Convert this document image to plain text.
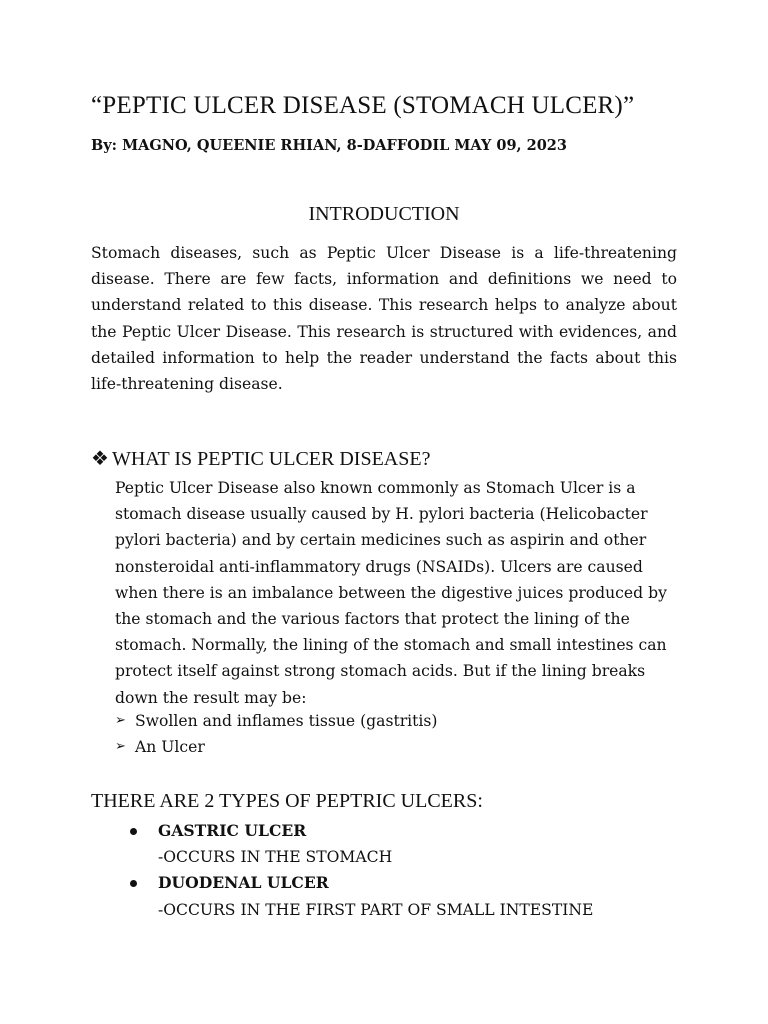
“PEPTIC ULCER DISEASE (STOMACH ULCER)”
By: MAGNO, QUEENIE RHIAN, 8-DAFFODIL MAY 09, 2023
INTRODUCTION

Stomach diseases, such as Peptic Ulcer Disease is a life-threatening disease. There are few facts, information and definitions we need to understand related to this disease. This research helps to analyze about the Peptic Ulcer Disease. This research is structured with evidences, and detailed information to help the reader understand the facts about this life-threatening disease.

❖ WHAT IS PEPTIC ULCER DISEASE?

Peptic Ulcer Disease also known commonly as Stomach Ulcer is a stomach disease usually caused by H. pylori bacteria (Helicobacter pylori bacteria) and by certain medicines such as aspirin and other nonsteroidal anti-inflammatory drugs (NSAIDs). Ulcers are caused when there is an imbalance between the digestive juices produced by the stomach and the various factors that protect the lining of the stomach. Normally, the lining of the stomach and small intestines can protect itself against strong stomach acids. But if the lining breaks down the result may be:

➢ Swollen and inflames tissue (gastritis)
➢ An Ulcer
THERE ARE 2 TYPES OF PEPTRIC ULCERS:
GASTRIC ULCER
-OCCURS IN THE STOMACH
DUODENAL ULCER
-OCCURS IN THE FIRST PART OF SMALL INTESTINE
